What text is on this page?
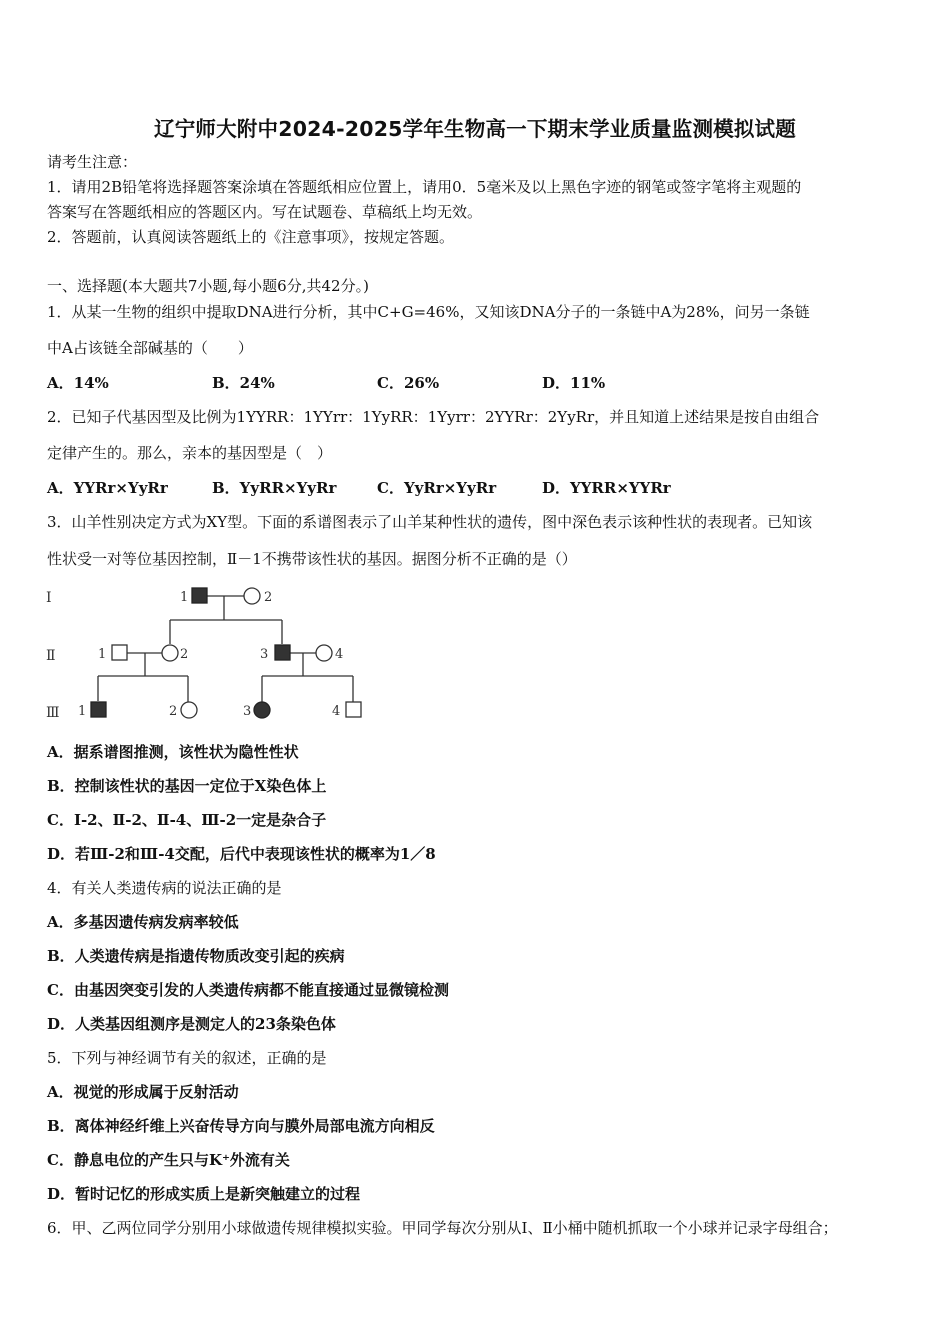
辽宁师大附中2024-2025学年生物高一下期末学业质量监测模拟试题
请考生注意：
1．请用2B铅笔将选择题答案涂填在答题纸相应位置上，请用0．5毫米及以上黑色字迹的钢笔或签字笔将主观题的
答案写在答题纸相应的答题区内。写在试题卷、草稿纸上均无效。
2．答题前，认真阅读答题纸上的《注意事项》，按规定答题。
一、选择题(本大题共7小题,每小题6分,共42分。)
1．从某一生物的组织中提取DNA进行分析，其中C+G=46%，又知该DNA分子的一条链中A为28%，问另一条链
中A占该链全部碱基的（　　）
A．14%	B．24%	C．26%	D．11%
2．已知子代基因型及比例为1YYRR：1YYrr：1YyRR：1Yyrr：2YYRr：2YyRr，并且知道上述结果是按自由组合
定律产生的。那么，亲本的基因型是（　）
A．YYRr×YyRr	B．YyRR×YyRr	C．YyRr×YyRr	D．YYRR×YYRr
3．山羊性别决定方式为XY型。下面的系谱图表示了山羊某种性状的遗传，图中深色表示该种性状的表现者。已知该
性状受一对等位基因控制，Ⅱ－1不携带该性状的基因。据图分析不正确的是（）
Ⅰ
Ⅱ
Ⅲ
1	2
1	2	3	4
1	2	3	4
A．据系谱图推测，该性状为隐性性状
B．控制该性状的基因一定位于X染色体上
C．I-2、Ⅱ-2、Ⅱ-4、Ⅲ-2一定是杂合子
D．若Ⅲ-2和Ⅲ-4交配，后代中表现该性状的概率为1／8
4．有关人类遗传病的说法正确的是
A．多基因遗传病发病率较低
B．人类遗传病是指遗传物质改变引起的疾病
C．由基因突变引发的人类遗传病都不能直接通过显微镜检测
D．人类基因组测序是测定人的23条染色体
5．下列与神经调节有关的叙述，正确的是
A．视觉的形成属于反射活动
B．离体神经纤维上兴奋传导方向与膜外局部电流方向相反
C．静息电位的产生只与K⁺外流有关
D．暂时记忆的形成实质上是新突触建立的过程
6．甲、乙两位同学分别用小球做遗传规律模拟实验。甲同学每次分别从Ⅰ、Ⅱ小桶中随机抓取一个小球并记录字母组合；
